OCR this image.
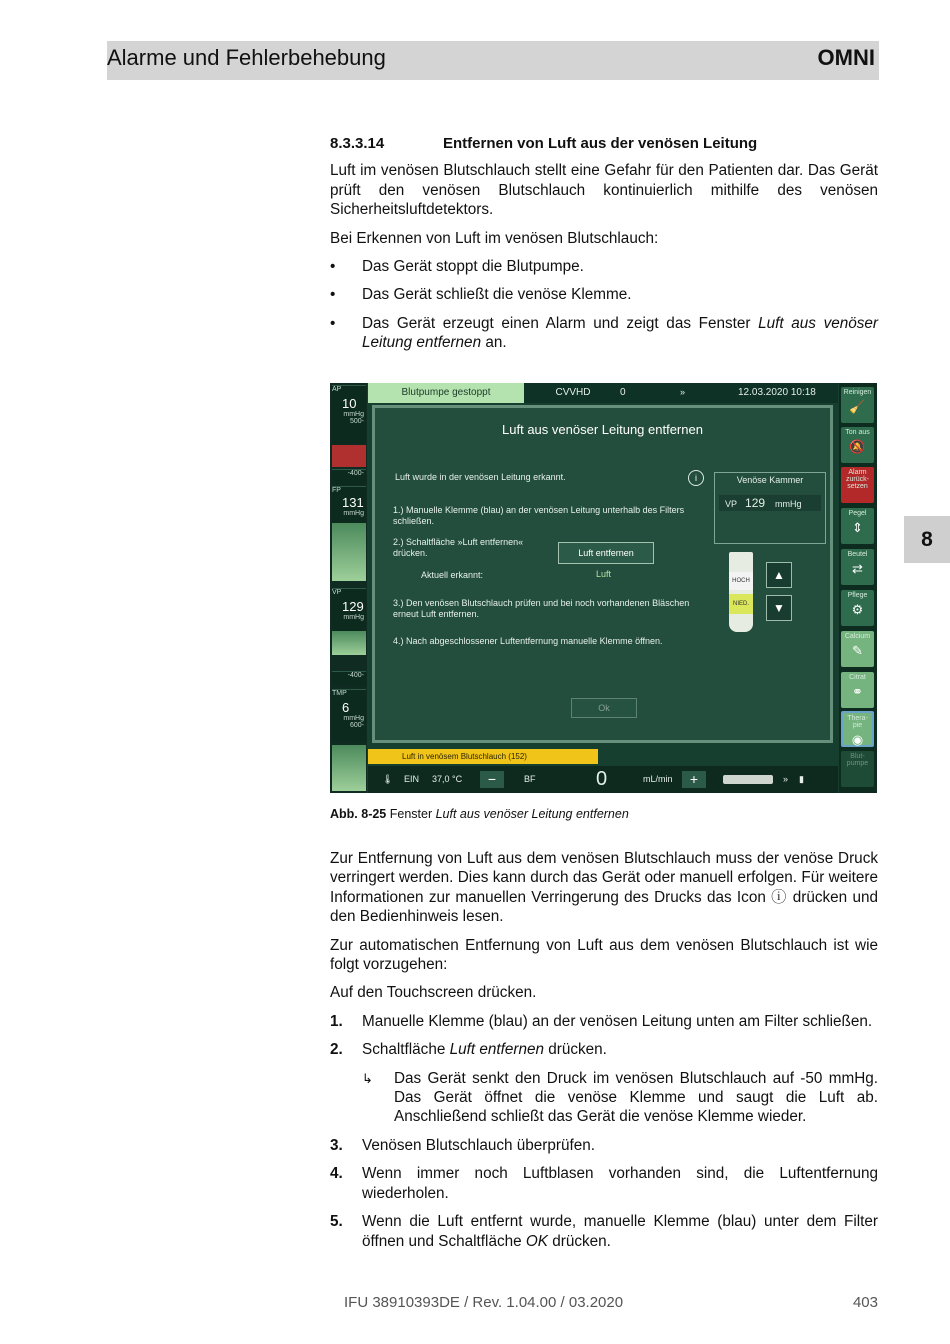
Alarme und Fehlerbehebung	OMNI
8
8.3.3.14	Entfernen von Luft aus der venösen Leitung

Luft im venösen Blutschlauch stellt eine Gefahr für den Patienten dar. Das Gerät prüft den venösen Blutschlauch kontinuierlich mithilfe des venösen Sicherheitsluftdetektors.

Bei Erkennen von Luft im venösen Blutschlauch:

•	Das Gerät stoppt die Blutpumpe.
•	Das Gerät schließt die venöse Klemme.
•	Das Gerät erzeugt einen Alarm und zeigt das Fenster Luft aus venöser Leitung entfernen an.
AP
10
mmHg
500-
-400-
FP
131
mmHg
VP
129
mmHg
-400-
TMP
6
mmHg
600-
Blutpumpe gestoppt	CVVHD	0	»	12.03.2020 10:18	Reinigen
🧹
Ton aus
🔕
Alarm zurück-setzen
Pegel
⇕
Beutel
⇄
Pflege
⚙
Calcium
✎
Citrat
⚭
Thera-pie
◉
Blut-pumpe
Luft aus venöser Leitung entfernen
Luft wurde in der venösen Leitung erkannt.	i
1.) Manuelle Klemme (blau) an der venösen Leitung unterhalb des Filters schließen.
2.) Schaltfläche »Luft entfernen« drücken.	Luft entfernen
Aktuell erkannt:	Luft
3.) Den venösen Blutschlauch prüfen und bei noch vorhandenen Bläschen erneut Luft entfernen.
4.) Nach abgeschlossener Luftentfernung manuelle Klemme öffnen.
Ok
Venöse Kammer
VP 129 mmHg
HOCH
NIED.
▲
▼
Luft in venösem Blutschlauch (152)
🌡 EIN 37,0 °C	−	BF	0	mL/min	+	» ▮
Abb. 8-25 Fenster Luft aus venöser Leitung entfernen

Zur Entfernung von Luft aus dem venösen Blutschlauch muss der venöse Druck verringert werden. Dies kann durch das Gerät oder manuell erfolgen. Für weitere Informationen zur manuellen Verringerung des Drucks das Icon ⓘ drücken und den Bedienhinweis lesen.

Zur automatischen Entfernung von Luft aus dem venösen Blutschlauch ist wie folgt vorzugehen:

Auf den Touchscreen drücken.

1.	Manuelle Klemme (blau) an der venösen Leitung unten am Filter schließen.
2.	Schaltfläche Luft entfernen drücken.
↳	Das Gerät senkt den Druck im venösen Blutschlauch auf -50 mmHg. Das Gerät öffnet die venöse Klemme und saugt die Luft ab. Anschließend schließt das Gerät die venöse Klemme wieder.
3.	Venösen Blutschlauch überprüfen.
4.	Wenn immer noch Luftblasen vorhanden sind, die Luftentfernung wiederholen.
5.	Wenn die Luft entfernt wurde, manuelle Klemme (blau) unter dem Filter öffnen und Schaltfläche OK drücken.
IFU 38910393DE / Rev. 1.04.00 / 03.2020	403
